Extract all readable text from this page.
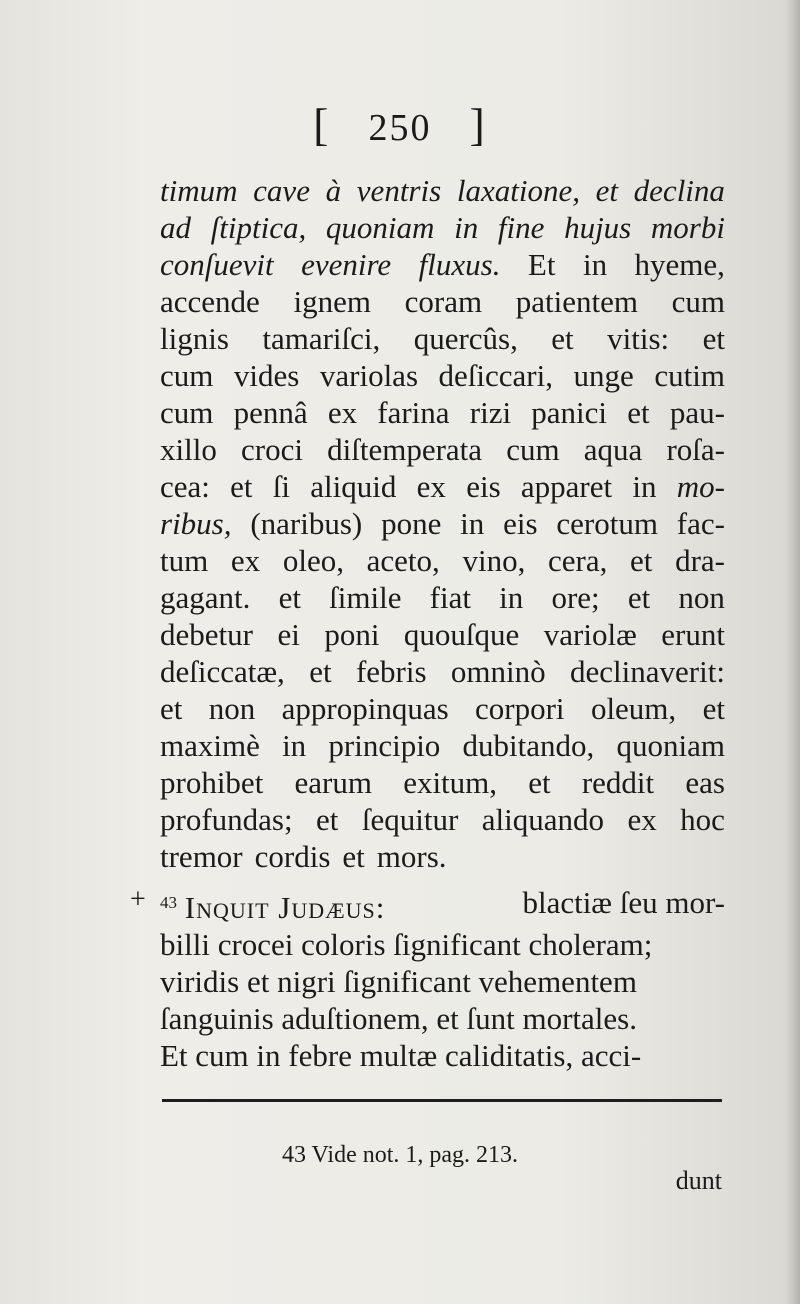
[ 250 ]
timum cave à ventris laxatione, et declina
ad ſtiptica, quoniam in fine hujus morbi
conſuevit evenire fluxus. Et in hyeme,
accende ignem coram patientem cum
lignis tamariſci, quercûs, et vitis: et
cum vides variolas deſiccari, unge cutim
cum pennâ ex farina rizi panici et pau-
xillo croci diſtemperata cum aqua roſa-
cea: et ſi aliquid ex eis apparet in mo-
ribus, (naribus) pone in eis cerotum fac-
tum ex oleo, aceto, vino, cera, et dra-
gagant. et ſimile fiat in ore; et non
debetur ei poni quouſque variolæ erunt
deſiccatæ, et febris omninò declinaverit:
et non appropinquas corpori oleum, et
maximè in principio dubitando, quoniam
prohibet earum exitum, et reddit eas
profundas; et ſequitur aliquando ex hoc
tremor cordis et mors.
+ $^{43}$ Inquit Judæus:	blactiæ ſeu mor-
billi crocei coloris ſignificant choleram;
viridis et nigri ſignificant vehementem
ſanguinis aduſtionem, et ſunt mortales.
Et cum in febre multæ caliditatis, acci-
43 Vide not. 1, pag. 213.
dunt
